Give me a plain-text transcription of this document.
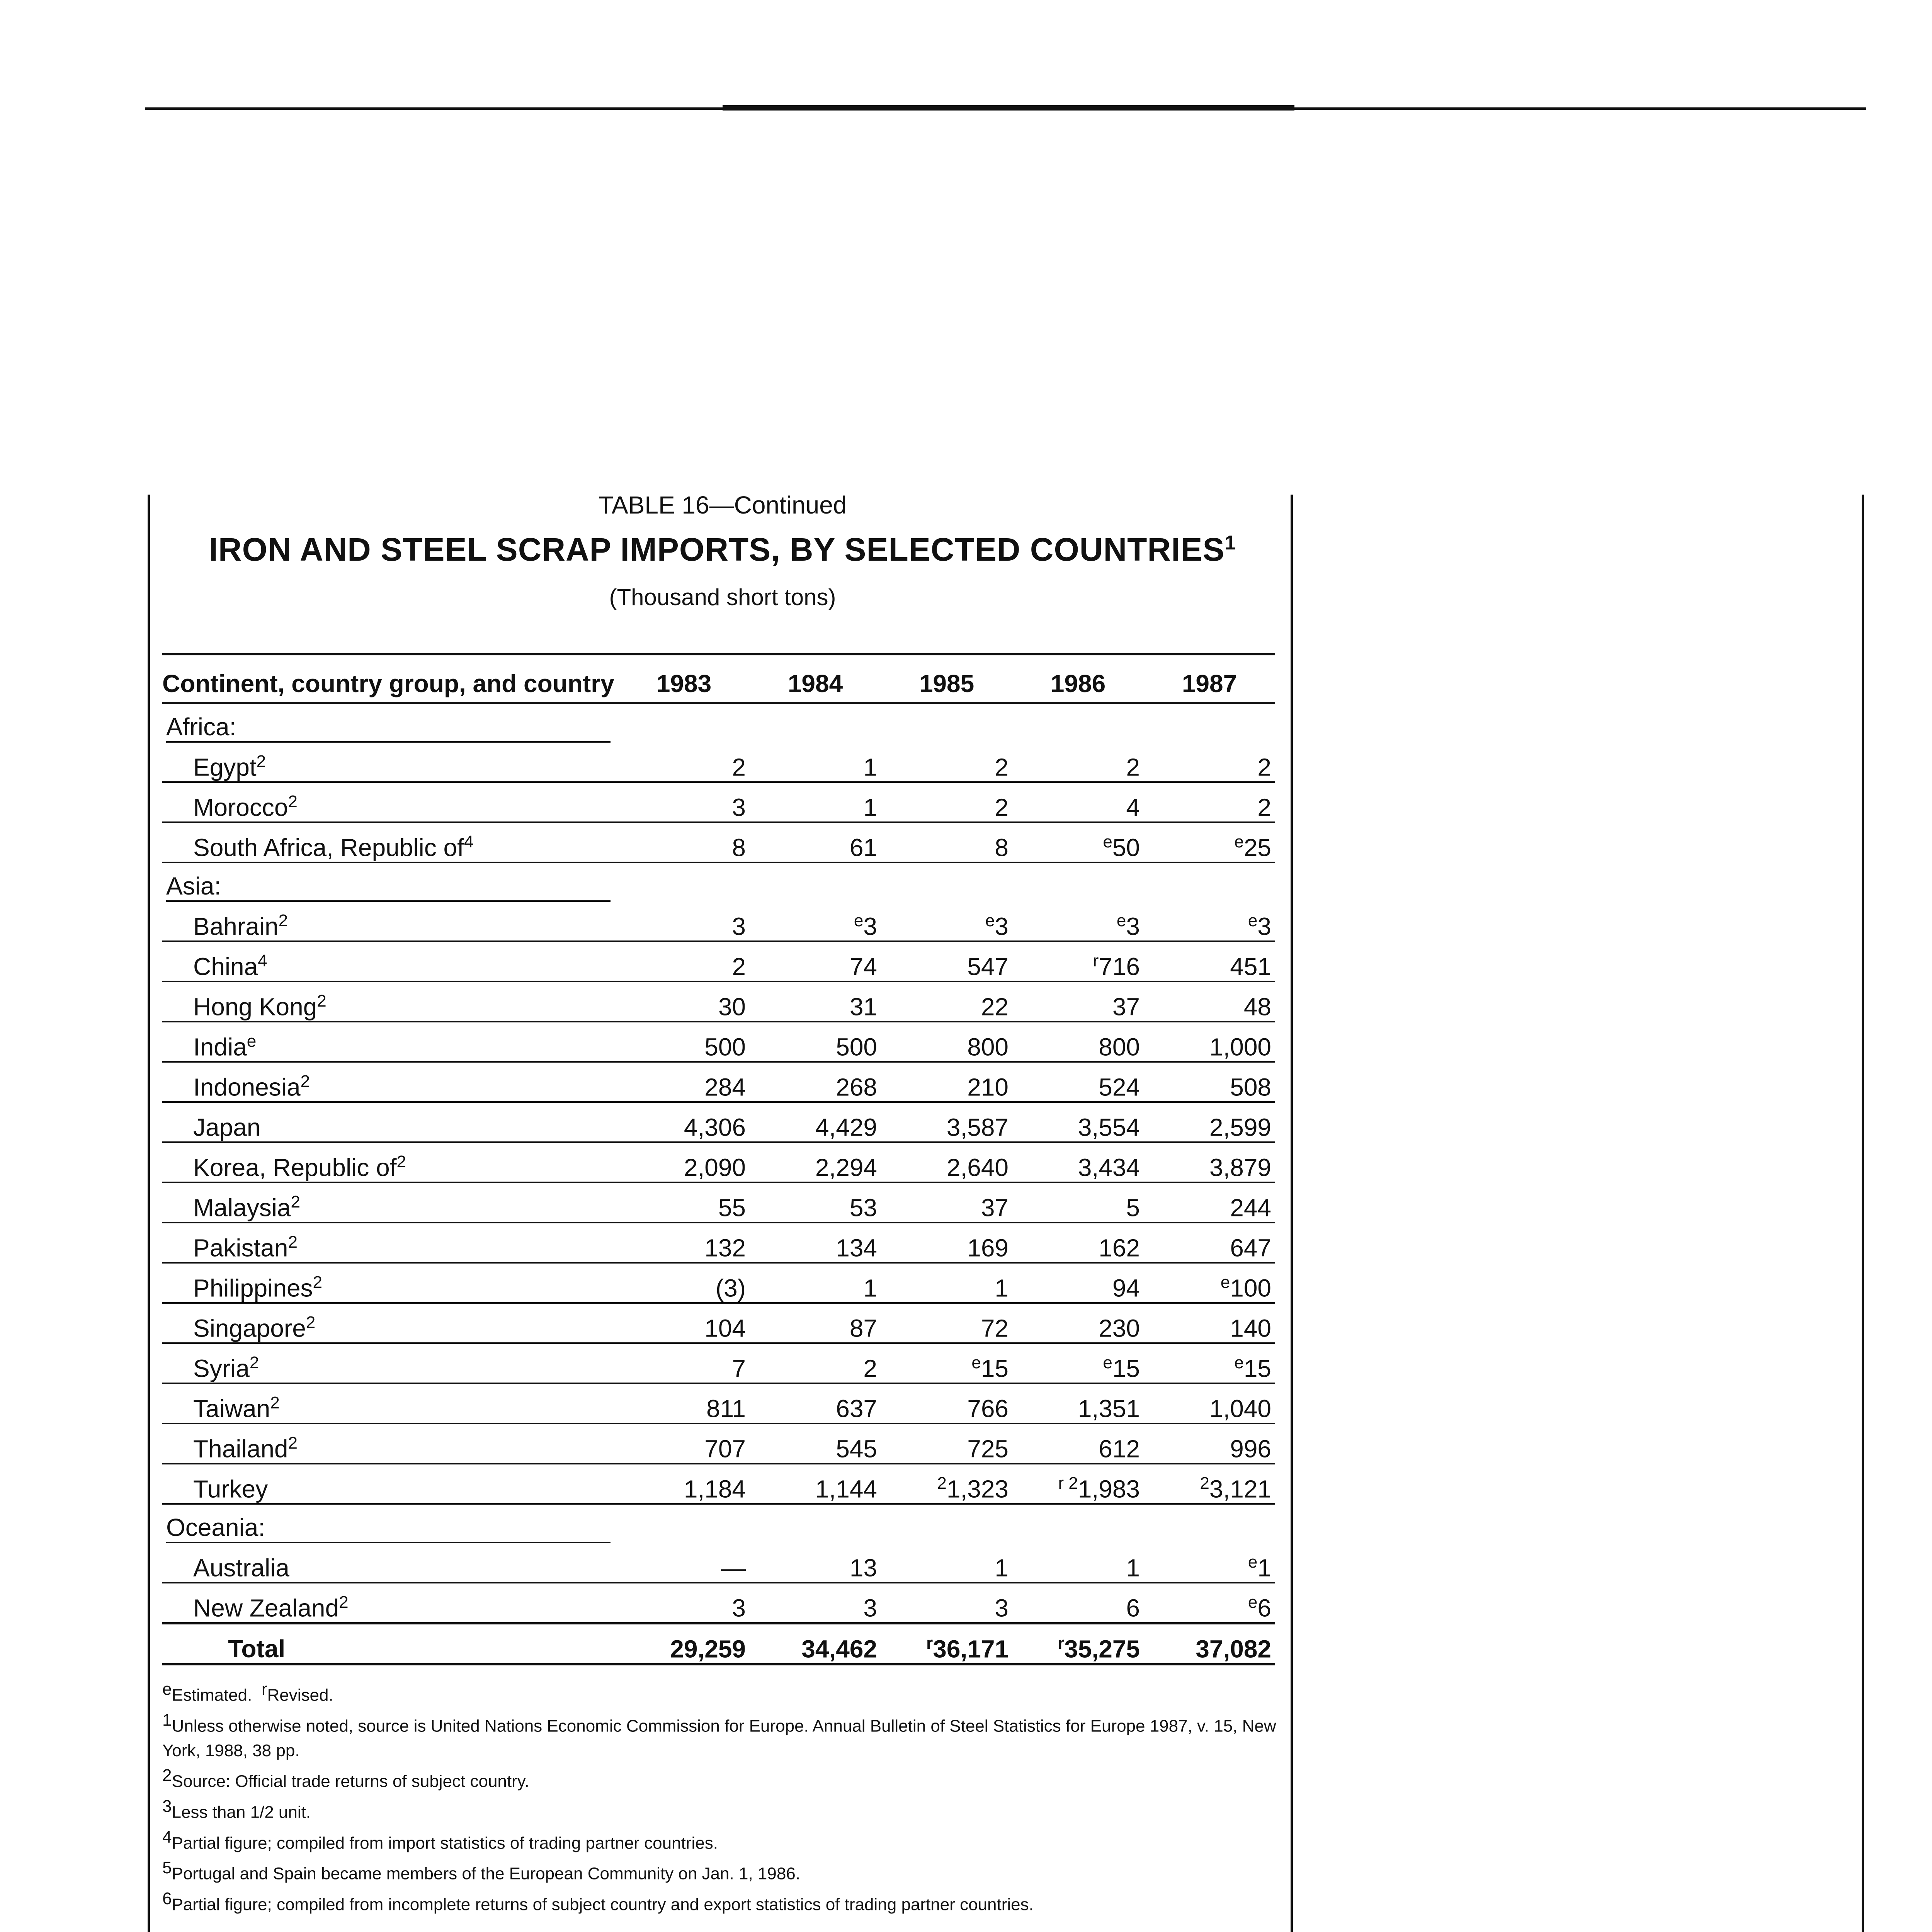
TABLE 16—Continued
IRON AND STEEL SCRAP IMPORTS, BY SELECTED COUNTRIES$^1$
(Thousand short tons)
Continent, country group, and country	1983	1984	1985	1986	1987
Africa:					
Egypt$^2$	2	1	2	2	2
Morocco$^2$	3	1	2	4	2
South Africa, Republic $of^4$	8	61	8	$^e$50	$^e$25
Asia:					
Bahrain$^2$	3	$^e$3	$^e$3	$^e$3	$^e$3
China$^4$	2	74	547	$^r$716	451
Hong Kong$^2$	30	31	22	37	48
India$^e$	500	500	800	800	1,000
Indonesia$^2$	284	268	210	524	508
Japan	4,306	4,429	3,587	3,554	2,599
Korea, Republic $of^2$	2,090	2,294	2,640	3,434	3,879
Malaysia$^2$	55	53	37	5	244
Pakistan$^2$	132	134	169	162	647
Philippines$^2$	(3)	1	1	94	$^e$100
Singapore$^2$	104	87	72	230	140
Syria$^2$	7	2	$^e$15	$^e$15	$^e$15
Taiwan$^2$	811	637	766	1,351	1,040
Thailand$^2$	707	545	725	612	996
Turkey	1,184	1,144	$^2$1,323	$^{r 2}$1,983	$^2$3,121
Oceania:					
Australia	—	13	1	1	$^e$1
New Zealand$^2$	3	3	3	6	$^e$6
Total	29,259	34,462	$^r$36,171	$^r$35,275	37,082

$^e$Estimated. $^r$Revised.

$^1$Unless otherwise noted, source is United Nations Economic Commission for Europe. Annual Bulletin of Steel Statistics for Europe 1987, v. 15, New York, 1988, 38 pp.

$^2$Source: Official trade returns of subject country.

$^3$Less than 1/2 unit.

$^4$Partial figure; compiled from import statistics of trading partner countries.

$^5$Portugal and Spain became members of the European Community on Jan. 1, 1986.

$^6$Partial figure; compiled from incomplete returns of subject country and export statistics of trading partner countries.
